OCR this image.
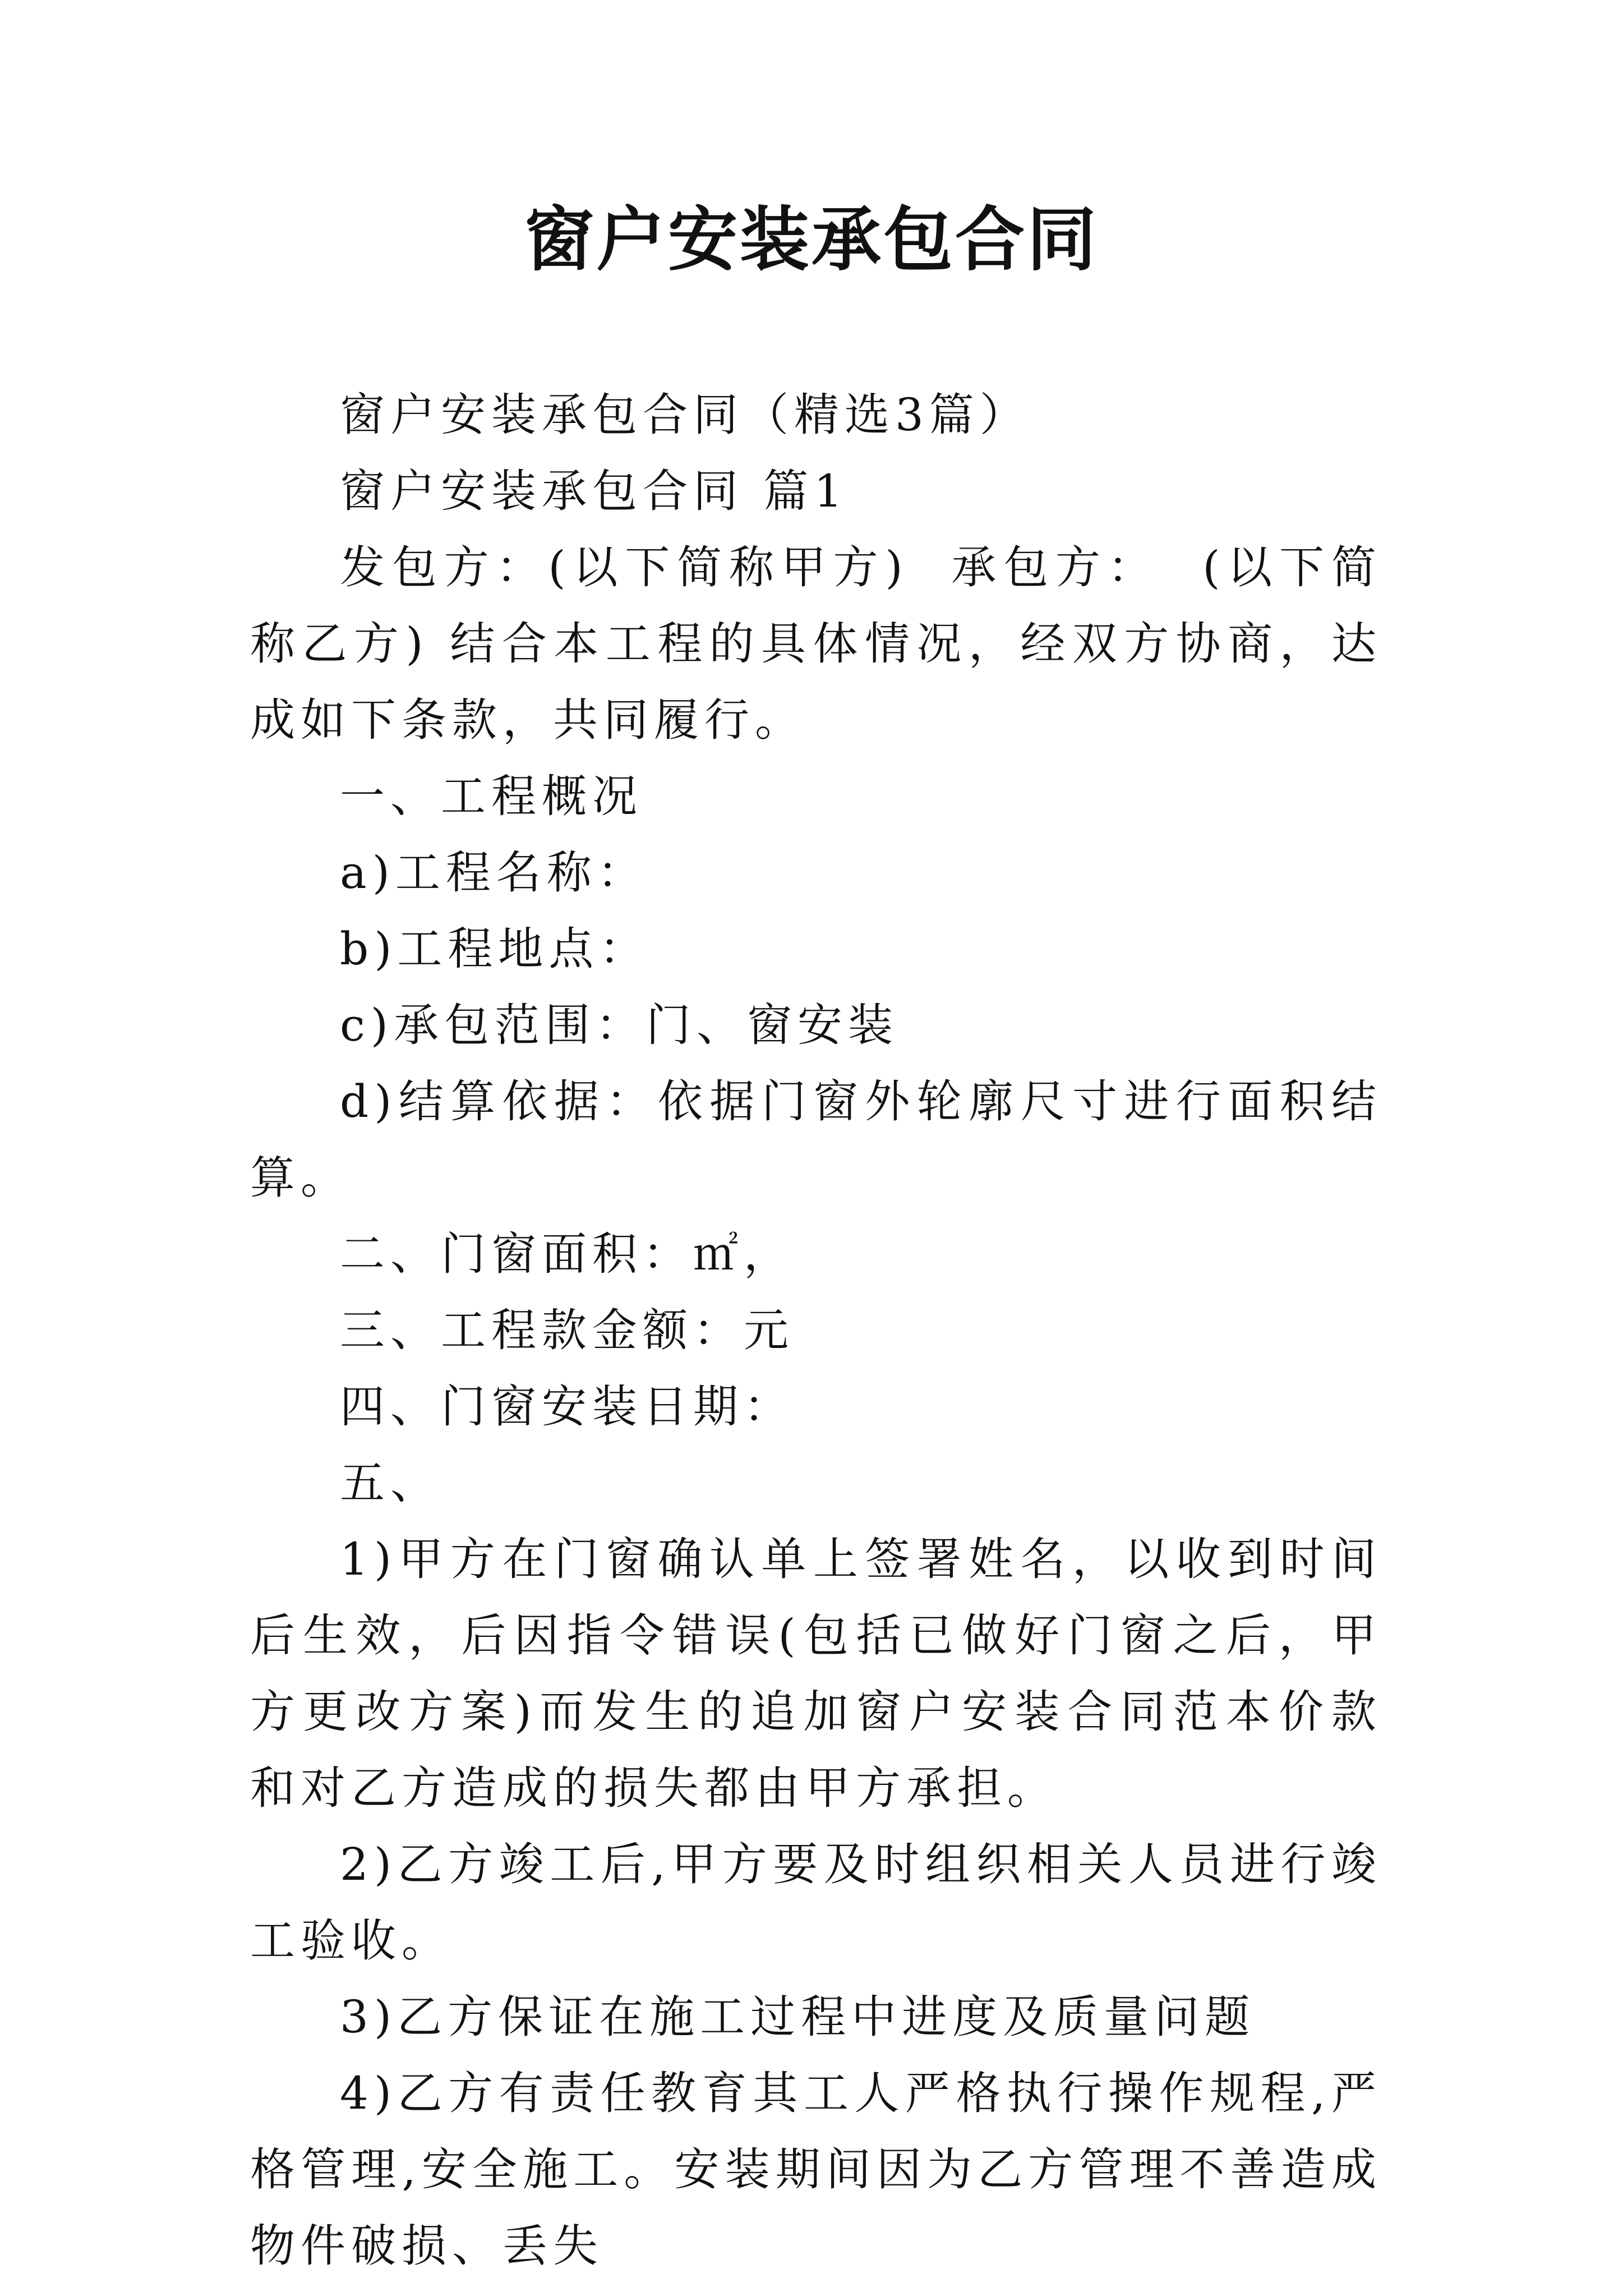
窗户安装承包合同

窗户安装承包合同（精选3篇）

窗户安装承包合同 篇1

发包方：(以下简称甲方)  承包方：  (以下简称乙方) 结合本工程的具体情况，经双方协商，达成如下条款，共同履行。

一、工程概况

a)工程名称：

b)工程地点：

c)承包范围：门、窗安装

d)结算依据：依据门窗外轮廓尺寸进行面积结算。

二、门窗面积：㎡，

三、工程款金额：元

四、门窗安装日期：

五、

1)甲方在门窗确认单上签署姓名，以收到时间后生效，后因指令错误(包括已做好门窗之后，甲方更改方案)而发生的追加窗户安装合同范本价款和对乙方造成的损失都由甲方承担。

2)乙方竣工后,甲方要及时组织相关人员进行竣工验收。

3)乙方保证在施工过程中进度及质量问题

4)乙方有责任教育其工人严格执行操作规程,严格管理,安全施工。安装期间因为乙方管理不善造成物件破损、丢失
